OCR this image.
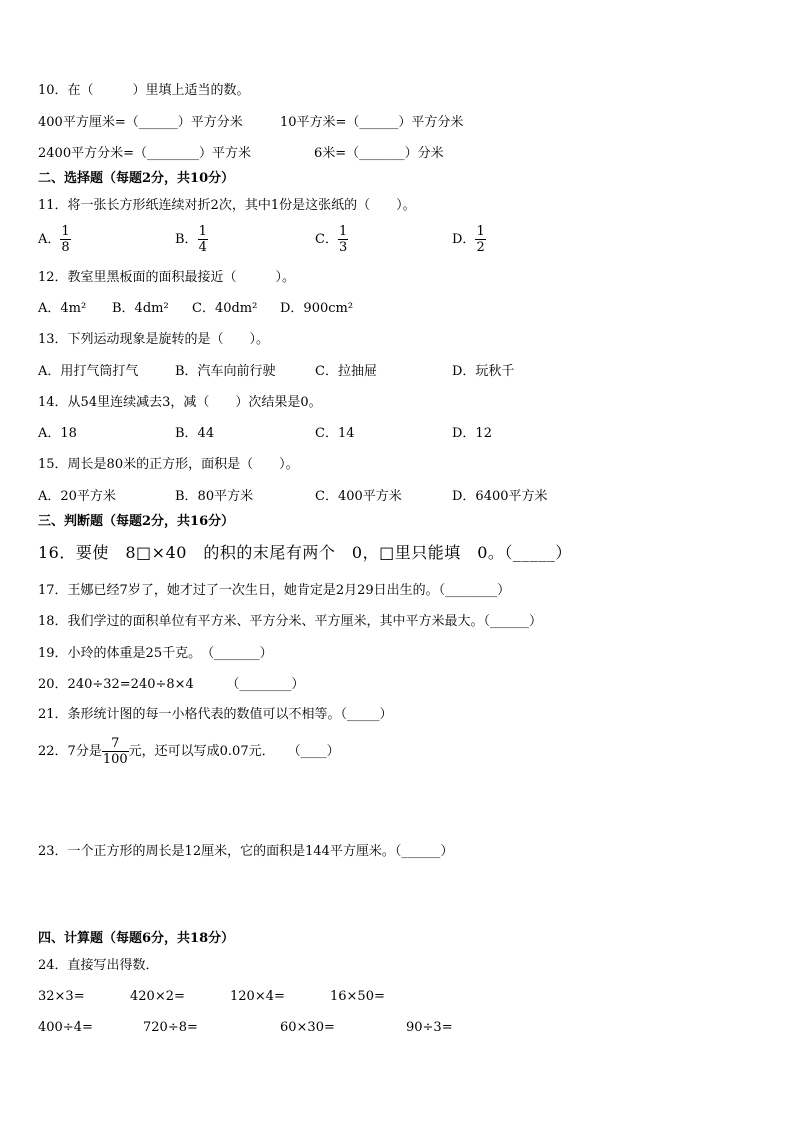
10．在（　　　）里填上适当的数。
400平方厘米=（______）平方分米	10平方米=（______）平方分米
2400平方分米=（________）平方米	6米=（_______）分米
二、选择题（每题2分，共10分）
11．将一张长方形纸连续对折2次，其中1份是这张纸的（　　）。
A． $\frac{1}{8}$	B． $\frac{1}{4}$	C． $\frac{1}{3}$	D． $\frac{1}{2}$
12．教室里黑板面的面积最接近（　　　）。
A．4m² B．4dm² C．40dm² D．900cm²
13．下列运动现象是旋转的是（　　）。
A．用打气筒打气	B．汽车向前行驶	C．拉抽屉	D．玩秋千
14．从54里连续减去3，减（　　）次结果是0。
A．18	B．44	C．14	D．12
15．周长是80米的正方形，面积是（　　）。
A．20平方米	B．80平方米	C．400平方米	D．6400平方米
三、判断题（每题2分，共16分）
16．要使　8□×40　的积的末尾有两个　0，□里只能填　0。（_____）
17．王娜已经7岁了，她才过了一次生日，她肯定是2月29日出生的。（________）
18．我们学过的面积单位有平方米、平方分米、平方厘米，其中平方米最大。（______）
19．小玲的体重是25千克。　（_______）
20．240÷32=240÷8×4　　　（________）
21．条形统计图的每一小格代表的数值可以不相等。（_____）
22．7分是 $\frac{7}{100}$ 元，还可以写成0.07元．　　（____）
23．一个正方形的周长是12厘米，它的面积是144平方厘米。（______）
四、计算题（每题6分，共18分）
24．直接写出得数．
32×3=	420×2=	120×4=	16×50=
400÷4=	720÷8=	60×30=	90÷3=
